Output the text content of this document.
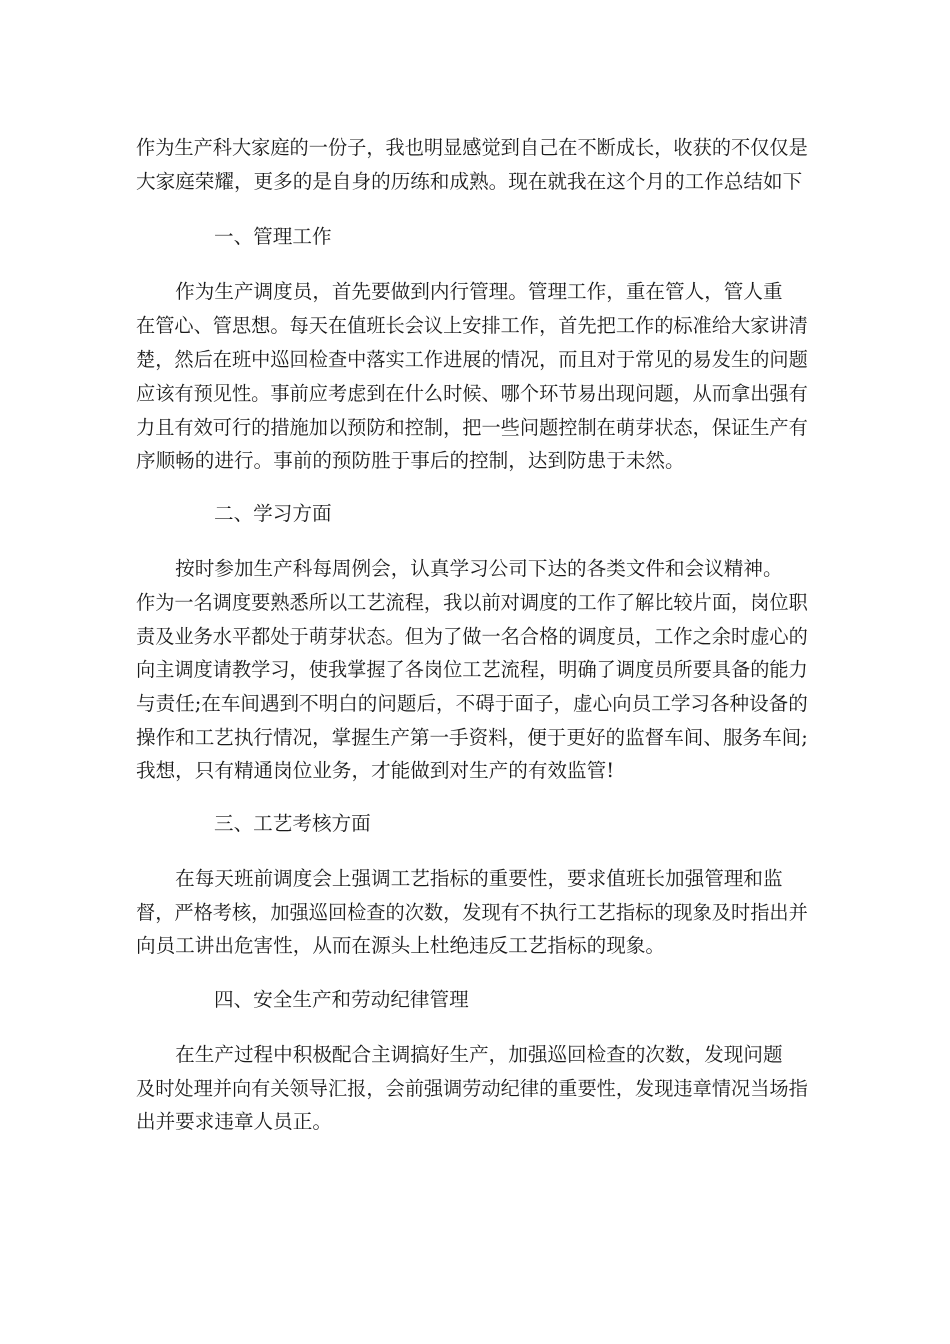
作为生产科大家庭的一份子，我也明显感觉到自己在不断成长，收获的不仅仅是
大家庭荣耀，更多的是自身的历练和成熟。现在就我在这个月的工作总结如下
一、管理工作
　　作为生产调度员，首先要做到内行管理。管理工作，重在管人，管人重
在管心、管思想。每天在值班长会议上安排工作，首先把工作的标准给大家讲清
楚，然后在班中巡回检查中落实工作进展的情况，而且对于常见的易发生的问题
应该有预见性。事前应考虑到在什么时候、哪个环节易出现问题，从而拿出强有
力且有效可行的措施加以预防和控制，把一些问题控制在萌芽状态，保证生产有
序顺畅的进行。事前的预防胜于事后的控制，达到防患于未然。
二、学习方面
　　按时参加生产科每周例会，认真学习公司下达的各类文件和会议精神。
作为一名调度要熟悉所以工艺流程，我以前对调度的工作了解比较片面，岗位职
责及业务水平都处于萌芽状态。但为了做一名合格的调度员，工作之余时虚心的
向主调度请教学习，使我掌握了各岗位工艺流程，明确了调度员所要具备的能力
与责任;在车间遇到不明白的问题后，不碍于面子，虚心向员工学习各种设备的
操作和工艺执行情况，掌握生产第一手资料，便于更好的监督车间、服务车间;
我想，只有精通岗位业务，才能做到对生产的有效监管!
三、工艺考核方面
　　在每天班前调度会上强调工艺指标的重要性，要求值班长加强管理和监
督，严格考核，加强巡回检查的次数，发现有不执行工艺指标的现象及时指出并
向员工讲出危害性，从而在源头上杜绝违反工艺指标的现象。
四、安全生产和劳动纪律管理
　　在生产过程中积极配合主调搞好生产，加强巡回检查的次数，发现问题
及时处理并向有关领导汇报，会前强调劳动纪律的重要性，发现违章情况当场指
出并要求违章人员正。
